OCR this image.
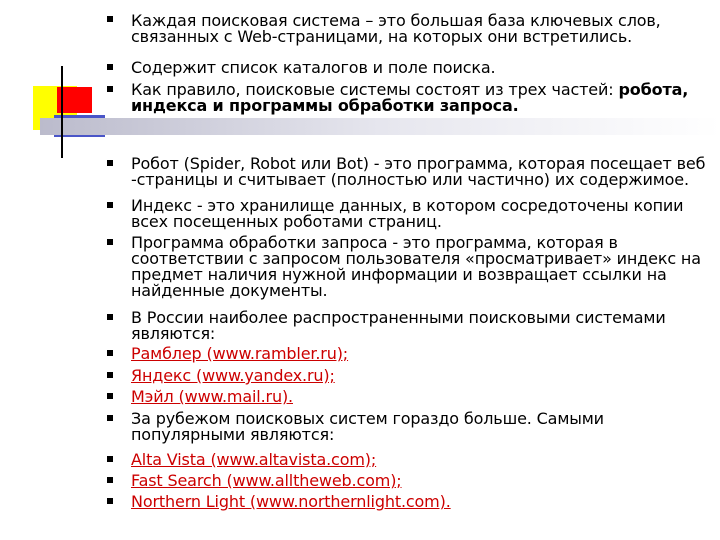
Каждая поисковая система – это большая база ключевых слов,
связанных с Web-страницами, на которых они встретились.
Содержит список каталогов и поле поиска.
Как правило, поисковые системы состоят из трех частей: робота,
индекса и программы обработки запроса.
Робот (Spider, Robot или Bot) - это программа, которая посещает веб
-страницы и считывает (полностью или частично) их содержимое.
Индекс - это хранилище данных, в котором сосредоточены копии
всех посещенных роботами страниц.
Программа обработки запроса - это программа, которая в
соответствии с запросом пользователя «просматривает» индекс на
предмет наличия нужной информации и возвращает ссылки на
найденные документы.
В России наиболее распространенными поисковыми системами
являются:
Рамблер (www.rambler.ru);
Яндекс (www.yandex.ru);
Мэйл (www.mail.ru).
За рубежом поисковых систем гораздо больше. Самыми
популярными являются:
Alta Vista (www.altavista.com);
Fast Search (www.alltheweb.com);
Northern Light (www.northernlight.com).
